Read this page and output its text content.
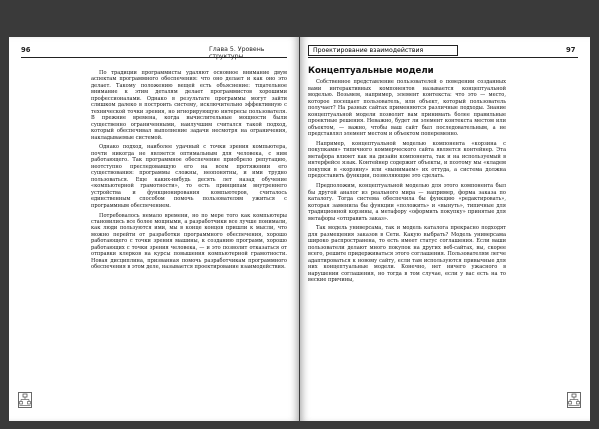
96	Глава 5. Уровень

По традиции программисты удаляют основное внимание двум аспектам программного обеспечения: что оно делает и как оно это делает. Такому положению вещей есть объяснение: тщательное внимание к этим деталям делает программистов хорошими профессионалами. Однако в результате программы могут зайти слишком далеко в построить систему, исключительно эффективную с технической точки зрения, но игнорирующую интересы пользователя. В прежние времена, когда вычислительные мощности были существенно ограниченными, наилучшим считался такой подход, который обеспечивал выполнение задачи несмотря на ограничения, накладываемые системой.

Однако подход, наиболее удачный с точки зрения компьютера, почти никогда не является оптимальным для человека, с ним работающего. Так программное обеспечение приобрело репутацию, неотступно преследовавшую его на всем протяжении его существования: программы сложны, неопонятны, и ими трудно пользоваться. Еще каких-нибудь десять лет назад обучение «компьютерной грамотности», то есть принципам внутреннего устройства и функционирования компьютеров, считалось единственным способом помочь пользователям ужиться с программным обеспечением.

Потребовалось немало времени, но по мере того как компьютеры становились все более мощными, а разработчики все лучше понимали, как люди пользуются ими, мы в конце концов пришли к мысли, что можно перейти от разработки программного обеспечения, хорошо работающего с точки зрения машины, к созданию программ, хорошо работающих с точки зрения человека, — и это позволит отказаться от отправки клерков на курсы повышения компьютерной грамотности. Новая дисциплина, призванная помочь разработчикам программного обеспечения в этом деле, называется проектирование взаимодействия.

Проектирование взаимодействия	97
Концептуальные модели

Собственное представление пользователей о поведении созданных вами интерактивных компонентов называется концептуальной моделью. Возьмем, например, элемент контекста: что это — место, которое посещает пользователь, или объект, который пользователь получает? На разных сайтах применяются различные подходы. Знание концептуальной модели позволит вам принимать более правильные проектные решения. Неважно, будет ли элемент контекста местом или объектом, — важно, чтобы ваш сайт был последовательным, а не представлял элемент местом и объектом попеременно.

Например, концептуальной моделью компонента «корзина с покупками» типичного коммерческого сайта является контейнер. Эта метафора влияет как на дизайн компонента, так и на используемый в интерфейсе язык. Контейнер содержит объекты, и поэтому мы «кладем покупки в «корзину» или «вынимаем» их оттуда, а система должна предоставить функции, позволяющие это сделать.

Предположим, концептуальной моделью для этого компонента был бы другой аналог из реального мира — например, форма заказа по каталогу. Тогда система обеспечила бы функцию «редактировать», которая заменила бы функции «положить» и «вынуть», типичные для традиционной корзины, а метафору «оформить покупку» принятые для метафоры «отправить заказ».

Так модель универсама, так и модель каталога прекрасно подходят для размещения заказов в Сети. Какую выбрать? Модель универсама широко распространена, то есть имеет статус соглашения. Если ваши пользователи делают много покупок на других веб-сайтах, вы, скорее всего, решите придерживаться этого соглашения. Пользователям легче адаптироваться к новому сайту, если там используются привычные для них концептуальные модели. Конечно, нет ничего ужасного в нарушении соглашения, но тогда в том случае, если у вас есть на то веские причины,
